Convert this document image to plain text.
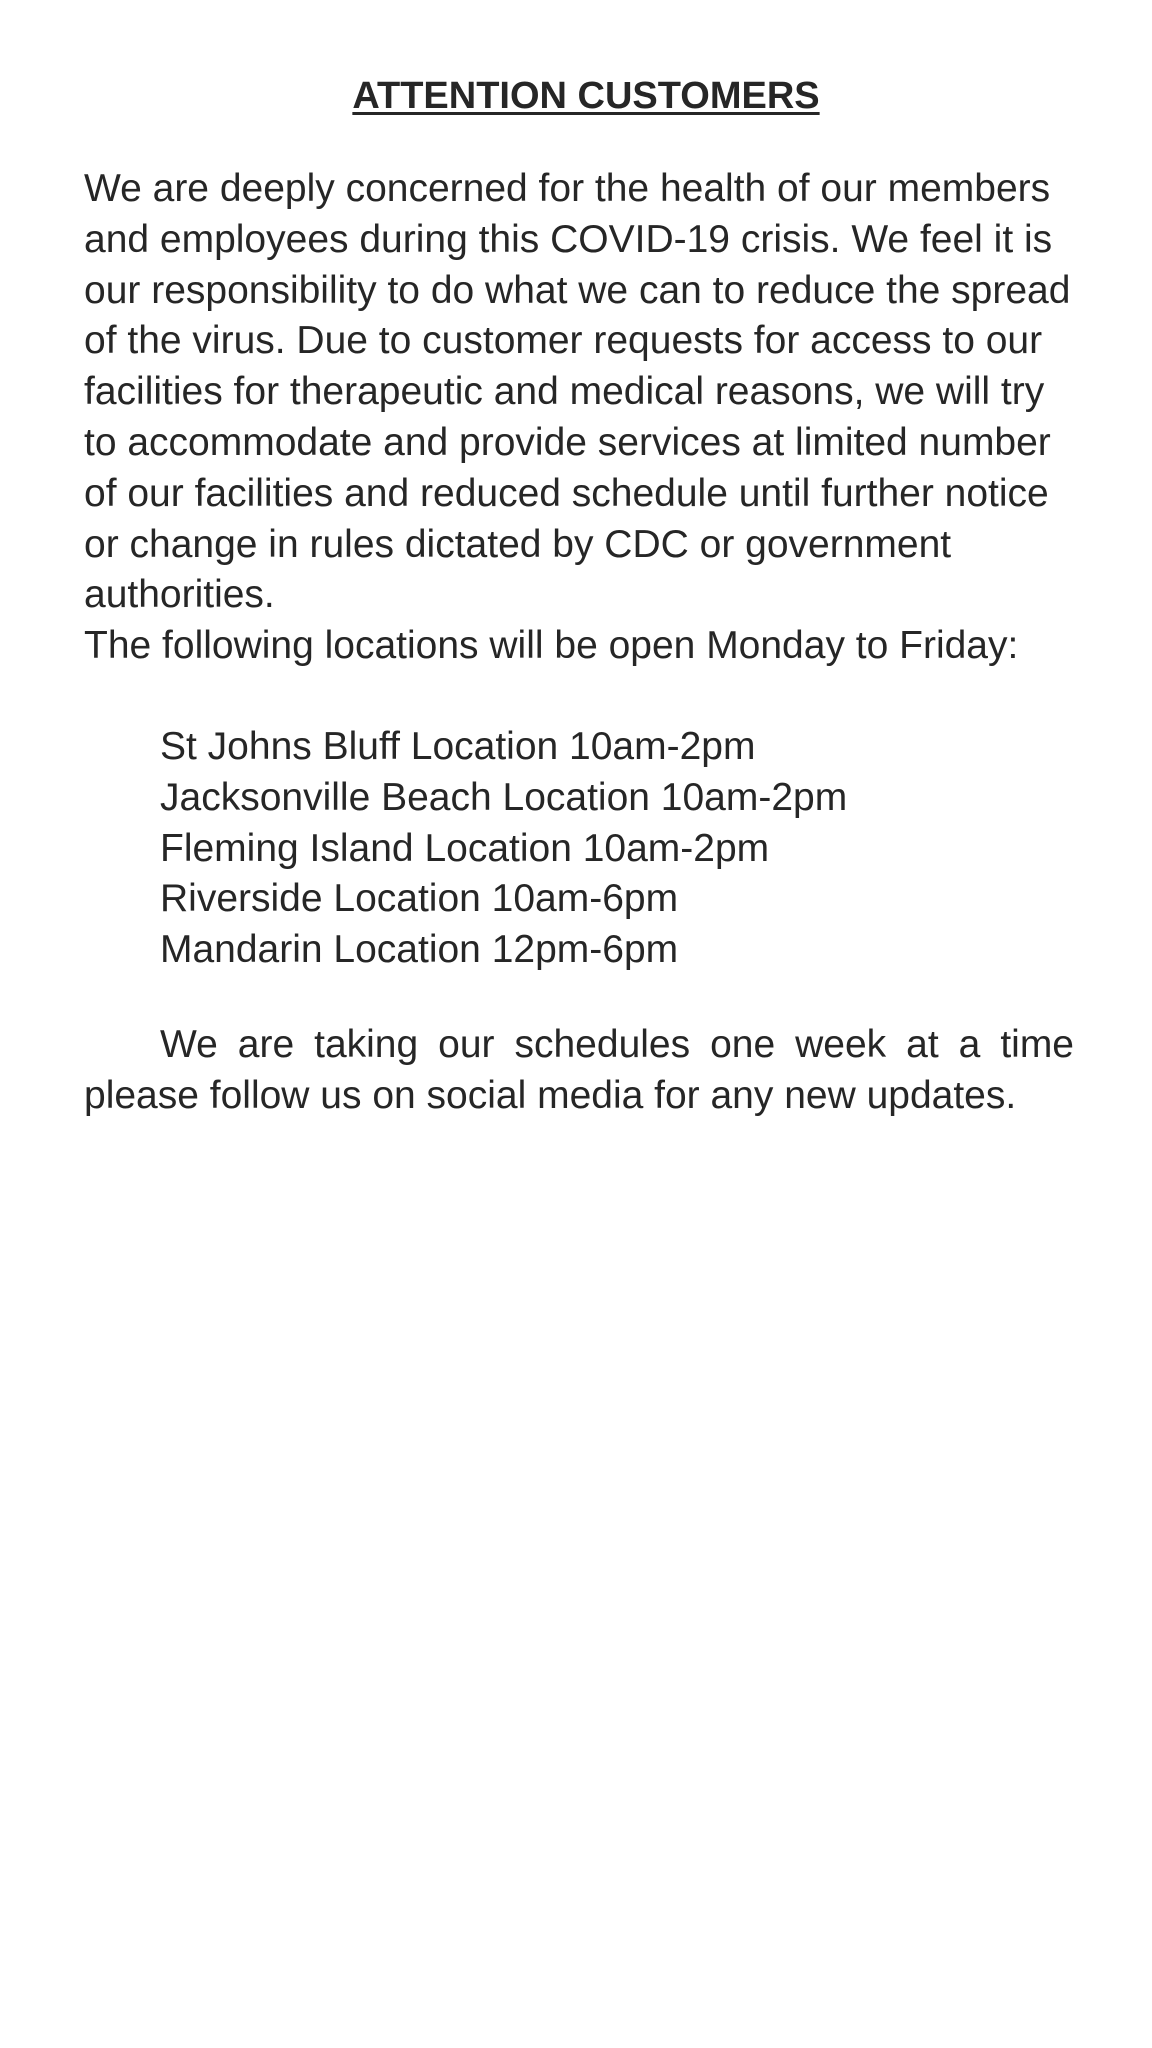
ATTENTION CUSTOMERS

We are deeply concerned for the health of our members and employees during this COVID-19 crisis. We feel it is our responsibility to do what we can to reduce the spread of the virus. Due to customer requests for access to our facilities for therapeutic and medical reasons, we will try to accommodate and provide services at limited number of our facilities and reduced schedule until further notice or change in rules dictated by CDC or government authorities.

The following locations will be open Monday to Friday:

St Johns Bluff Location 10am-2pm
Jacksonville Beach Location 10am-2pm
Fleming Island Location 10am-2pm
Riverside Location 10am-6pm
Mandarin Location 12pm-6pm

We are taking our schedules one week at a time please follow us on social media for any new updates.
